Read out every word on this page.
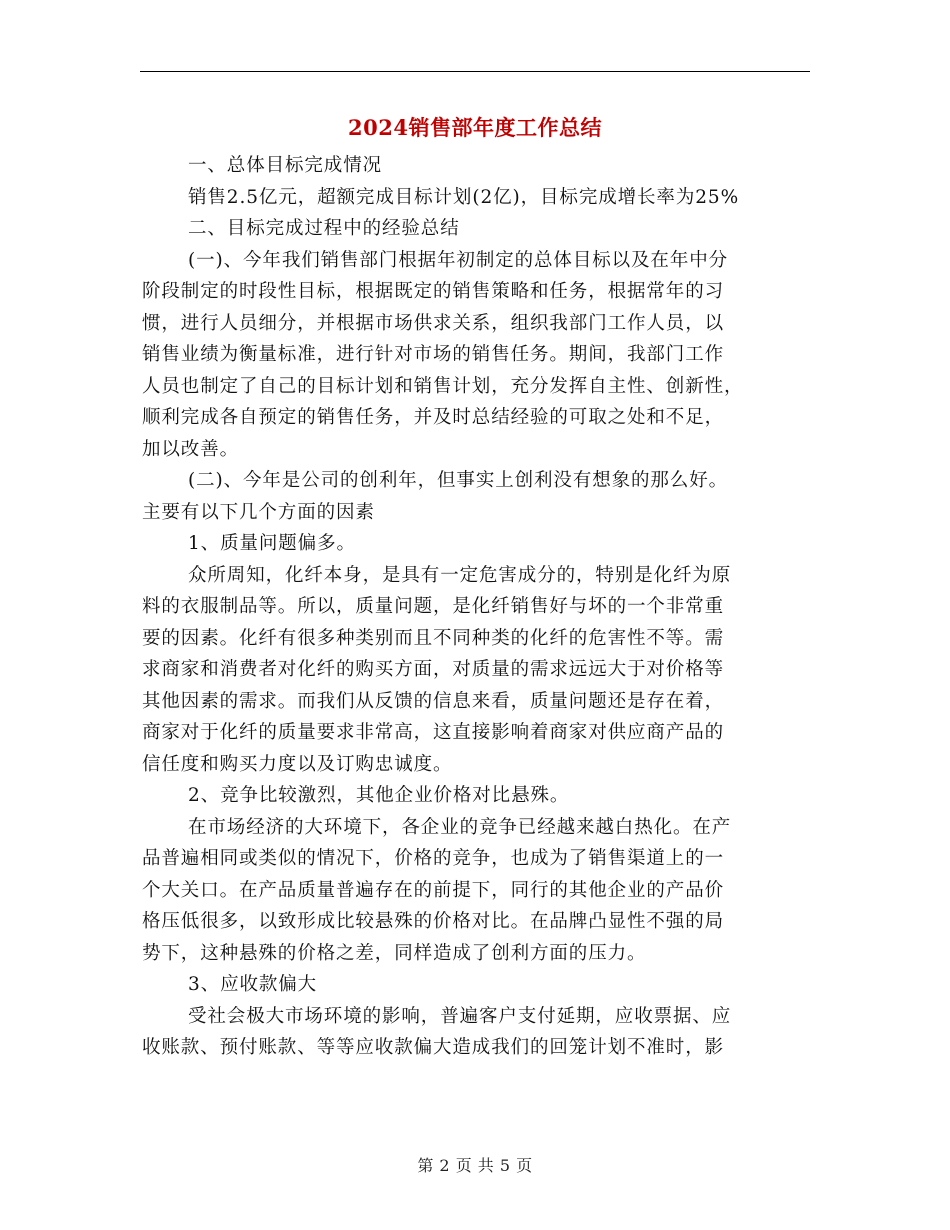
2024销售部年度工作总结
一、总体目标完成情况
销售2.5亿元，超额完成目标计划(2亿)，目标完成增长率为25%
二、目标完成过程中的经验总结
(一)、今年我们销售部门根据年初制定的总体目标以及在年中分
阶段制定的时段性目标，根据既定的销售策略和任务，根据常年的习
惯，进行人员细分，并根据市场供求关系，组织我部门工作人员，以
销售业绩为衡量标准，进行针对市场的销售任务。期间，我部门工作
人员也制定了自己的目标计划和销售计划，充分发挥自主性、创新性，
顺利完成各自预定的销售任务，并及时总结经验的可取之处和不足，
加以改善。
(二)、今年是公司的创利年，但事实上创利没有想象的那么好。
主要有以下几个方面的因素
1、质量问题偏多。
众所周知，化纤本身，是具有一定危害成分的，特别是化纤为原
料的衣服制品等。所以，质量问题，是化纤销售好与坏的一个非常重
要的因素。化纤有很多种类别而且不同种类的化纤的危害性不等。需
求商家和消费者对化纤的购买方面，对质量的需求远远大于对价格等
其他因素的需求。而我们从反馈的信息来看，质量问题还是存在着，
商家对于化纤的质量要求非常高，这直接影响着商家对供应商产品的
信任度和购买力度以及订购忠诚度。
2、竞争比较激烈，其他企业价格对比悬殊。
在市场经济的大环境下，各企业的竞争已经越来越白热化。在产
品普遍相同或类似的情况下，价格的竞争，也成为了销售渠道上的一
个大关口。在产品质量普遍存在的前提下，同行的其他企业的产品价
格压低很多，以致形成比较悬殊的价格对比。在品牌凸显性不强的局
势下，这种悬殊的价格之差，同样造成了创利方面的压力。
3、应收款偏大
受社会极大市场环境的影响，普遍客户支付延期，应收票据、应
收账款、预付账款、等等应收款偏大造成我们的回笼计划不准时，影
第 2 页 共 5 页
